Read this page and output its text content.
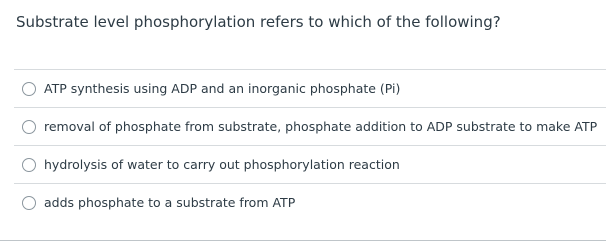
Substrate level phosphorylation refers to which of the following?
ATP synthesis using ADP and an inorganic phosphate (Pi)
removal of phosphate from substrate, phosphate addition to ADP substrate to make ATP
hydrolysis of water to carry out phosphorylation reaction
adds phosphate to a substrate from ATP
